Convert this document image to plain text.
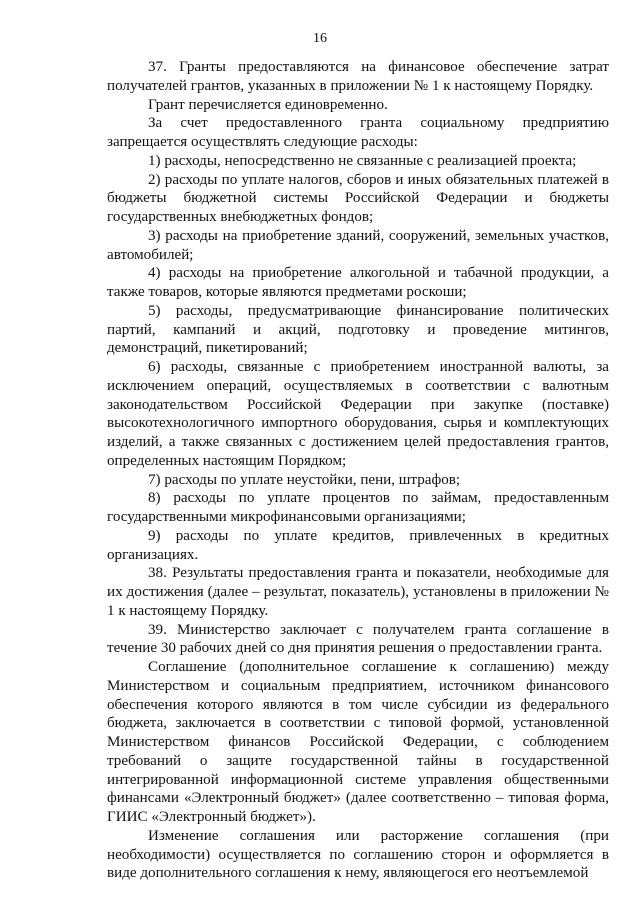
16

37. Гранты предоставляются на финансовое обеспечение затрат получателей грантов, указанных в приложении № 1 к настоящему Порядку.

Грант перечисляется единовременно.

За счет предоставленного гранта социальному предприятию запрещается осуществлять следующие расходы:

1) расходы, непосредственно не связанные с реализацией проекта;

2) расходы по уплате налогов, сборов и иных обязательных платежей в бюджеты бюджетной системы Российской Федерации и бюджеты государственных внебюджетных фондов;

3) расходы на приобретение зданий, сооружений, земельных участков, автомобилей;

4) расходы на приобретение алкогольной и табачной продукции, а также товаров, которые являются предметами роскоши;

5) расходы, предусматривающие финансирование политических партий, кампаний и акций, подготовку и проведение митингов, демонстраций, пикетирований;

6) расходы, связанные с приобретением иностранной валюты, за исключением операций, осуществляемых в соответствии с валютным законодательством Российской Федерации при закупке (поставке) высокотехнологичного импортного оборудования, сырья и комплектующих изделий, а также связанных с достижением целей предоставления грантов, определенных настоящим Порядком;

7) расходы по уплате неустойки, пени, штрафов;

8) расходы по уплате процентов по займам, предоставленным государственными микрофинансовыми организациями;

9) расходы по уплате кредитов, привлеченных в кредитных организациях.

38. Результаты предоставления гранта и показатели, необходимые для их достижения (далее – результат, показатель), установлены в приложении № 1 к настоящему Порядку.

39. Министерство заключает с получателем гранта соглашение в течение 30 рабочих дней со дня принятия решения о предоставлении гранта.

Соглашение (дополнительное соглашение к соглашению) между Министерством и социальным предприятием, источником финансового обеспечения которого являются в том числе субсидии из федерального бюджета, заключается в соответствии с типовой формой, установленной Министерством финансов Российской Федерации, с соблюдением требований о защите государственной тайны в государственной интегрированной информационной системе управления общественными финансами «Электронный бюджет» (далее соответственно – типовая форма, ГИИС «Электронный бюджет»).

Изменение соглашения или расторжение соглашения (при необходимости) осуществляется по соглашению сторон и оформляется в виде дополнительного соглашения к нему, являющегося его неотъемлемой
